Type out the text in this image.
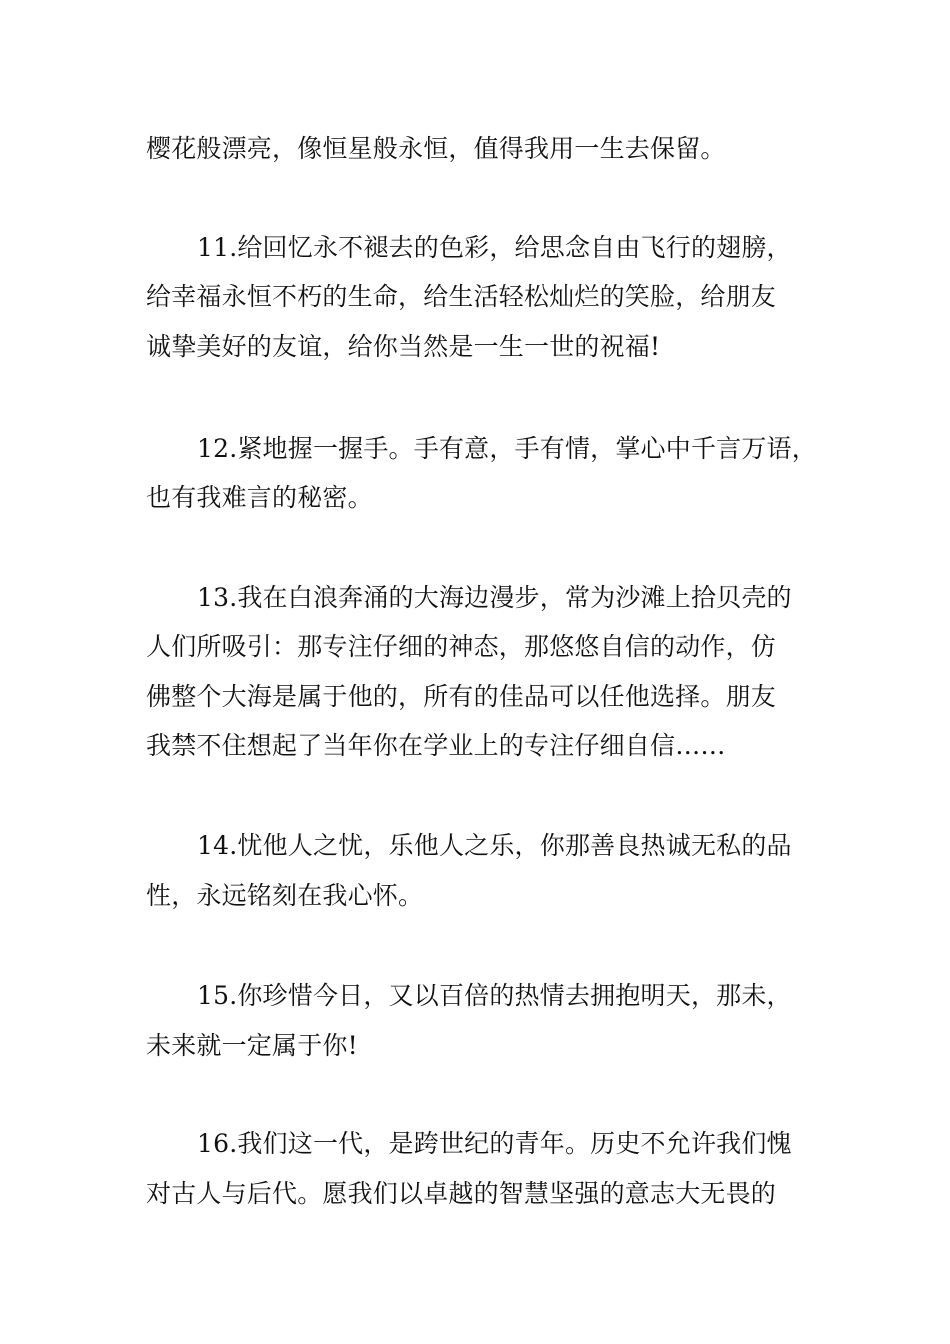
樱花般漂亮，像恒星般永恒，值得我用一生去保留。
11.给回忆永不褪去的色彩，给思念自由飞行的翅膀，
给幸福永恒不朽的生命，给生活轻松灿烂的笑脸，给朋友
诚挚美好的友谊，给你当然是一生一世的祝福!
12.紧地握一握手。手有意，手有情，掌心中千言万语，
也有我难言的秘密。
13.我在白浪奔涌的大海边漫步，常为沙滩上拾贝壳的
人们所吸引：那专注仔细的神态，那悠悠自信的动作，仿
佛整个大海是属于他的，所有的佳品可以任他选择。朋友
我禁不住想起了当年你在学业上的专注仔细自信……
14.忧他人之忧，乐他人之乐，你那善良热诚无私的品
性，永远铭刻在我心怀。
15.你珍惜今日，又以百倍的热情去拥抱明天，那未，
未来就一定属于你!
16.我们这一代，是跨世纪的青年。历史不允许我们愧
对古人与后代。愿我们以卓越的智慧坚强的意志大无畏的
